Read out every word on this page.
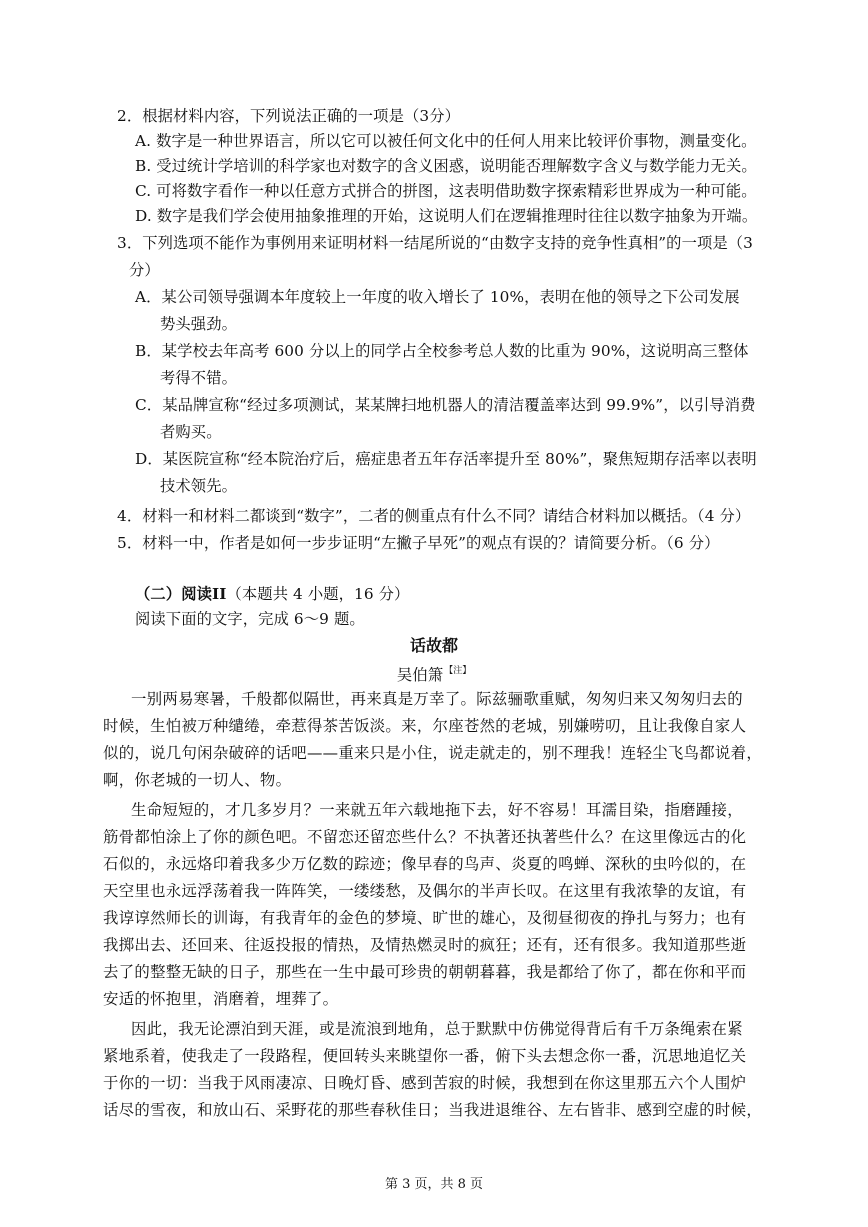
2．根据材料内容，下列说法正确的一项是（3分）
A. 数字是一种世界语言，所以它可以被任何文化中的任何人用来比较评价事物，测量变化。
B. 受过统计学培训的科学家也对数字的含义困惑，说明能否理解数字含义与数学能力无关。
C. 可将数字看作一种以任意方式拼合的拼图，这表明借助数字探索精彩世界成为一种可能。
D. 数字是我们学会使用抽象推理的开始，这说明人们在逻辑推理时往往以数字抽象为开端。
3．下列选项不能作为事例用来证明材料一结尾所说的“由数字支持的竞争性真相”的一项是（3
分）
A．某公司领导强调本年度较上一年度的收入增长了 10%，表明在他的领导之下公司发展
势头强劲。
B．某学校去年高考 600 分以上的同学占全校参考总人数的比重为 90%，这说明高三整体
考得不错。
C．某品牌宣称“经过多项测试，某某牌扫地机器人的清洁覆盖率达到 99.9%”，以引导消费
者购买。
D．某医院宣称“经本院治疗后，癌症患者五年存活率提升至 80%”，聚焦短期存活率以表明
技术领先。
4．材料一和材料二都谈到“数字”，二者的侧重点有什么不同？请结合材料加以概括。（4 分）
5．材料一中，作者是如何一步步证明“左撇子早死”的观点有误的？请简要分析。（6 分）
（二）阅读II（本题共 4 小题，16 分）
阅读下面的文字，完成 6～9 题。
话故都
吴伯箫$^{【注】}$
一别两易寒暑，千般都似隔世，再来真是万幸了。际兹骊歌重赋，匆匆归来又匆匆归去的
时候，生怕被万种缱绻，牵惹得茶苦饭淡。来，尔座苍然的老城，别嫌唠叨，且让我像自家人
似的，说几句闲杂破碎的话吧——重来只是小住，说走就走的，别不理我！连轻尘飞鸟都说着，
啊，你老城的一切人、物。
生命短短的，才几多岁月？一来就五年六载地拖下去，好不容易！耳濡目染，指磨踵接，
筋骨都怕涂上了你的颜色吧。不留恋还留恋些什么？不执著还执著些什么？在这里像远古的化
石似的，永远烙印着我多少万亿数的踪迹；像早春的鸟声、炎夏的鸣蝉、深秋的虫吟似的，在
天空里也永远浮荡着我一阵阵笑，一缕缕愁，及偶尔的半声长叹。在这里有我浓挚的友谊，有
我谆谆然师长的训诲，有我青年的金色的梦境、旷世的雄心，及彻昼彻夜的挣扎与努力；也有
我掷出去、还回来、往返投报的情热，及情热燃灵时的疯狂；还有，还有很多。我知道那些逝
去了的整整无缺的日子，那些在一生中最可珍贵的朝朝暮暮，我是都给了你了，都在你和平而
安适的怀抱里，消磨着，埋葬了。
因此，我无论漂泊到天涯，或是流浪到地角，总于默默中仿佛觉得背后有千万条绳索在紧
紧地系着，使我走了一段路程，便回转头来眺望你一番，俯下头去想念你一番，沉思地追忆关
于你的一切：当我于风雨凄凉、日晚灯昏、感到苦寂的时候，我想到在你这里那五六个人围炉
话尽的雪夜，和放山石、采野花的那些春秋佳日；当我进退维谷、左右皆非、感到空虚的时候，
第 3 页，共 8 页
